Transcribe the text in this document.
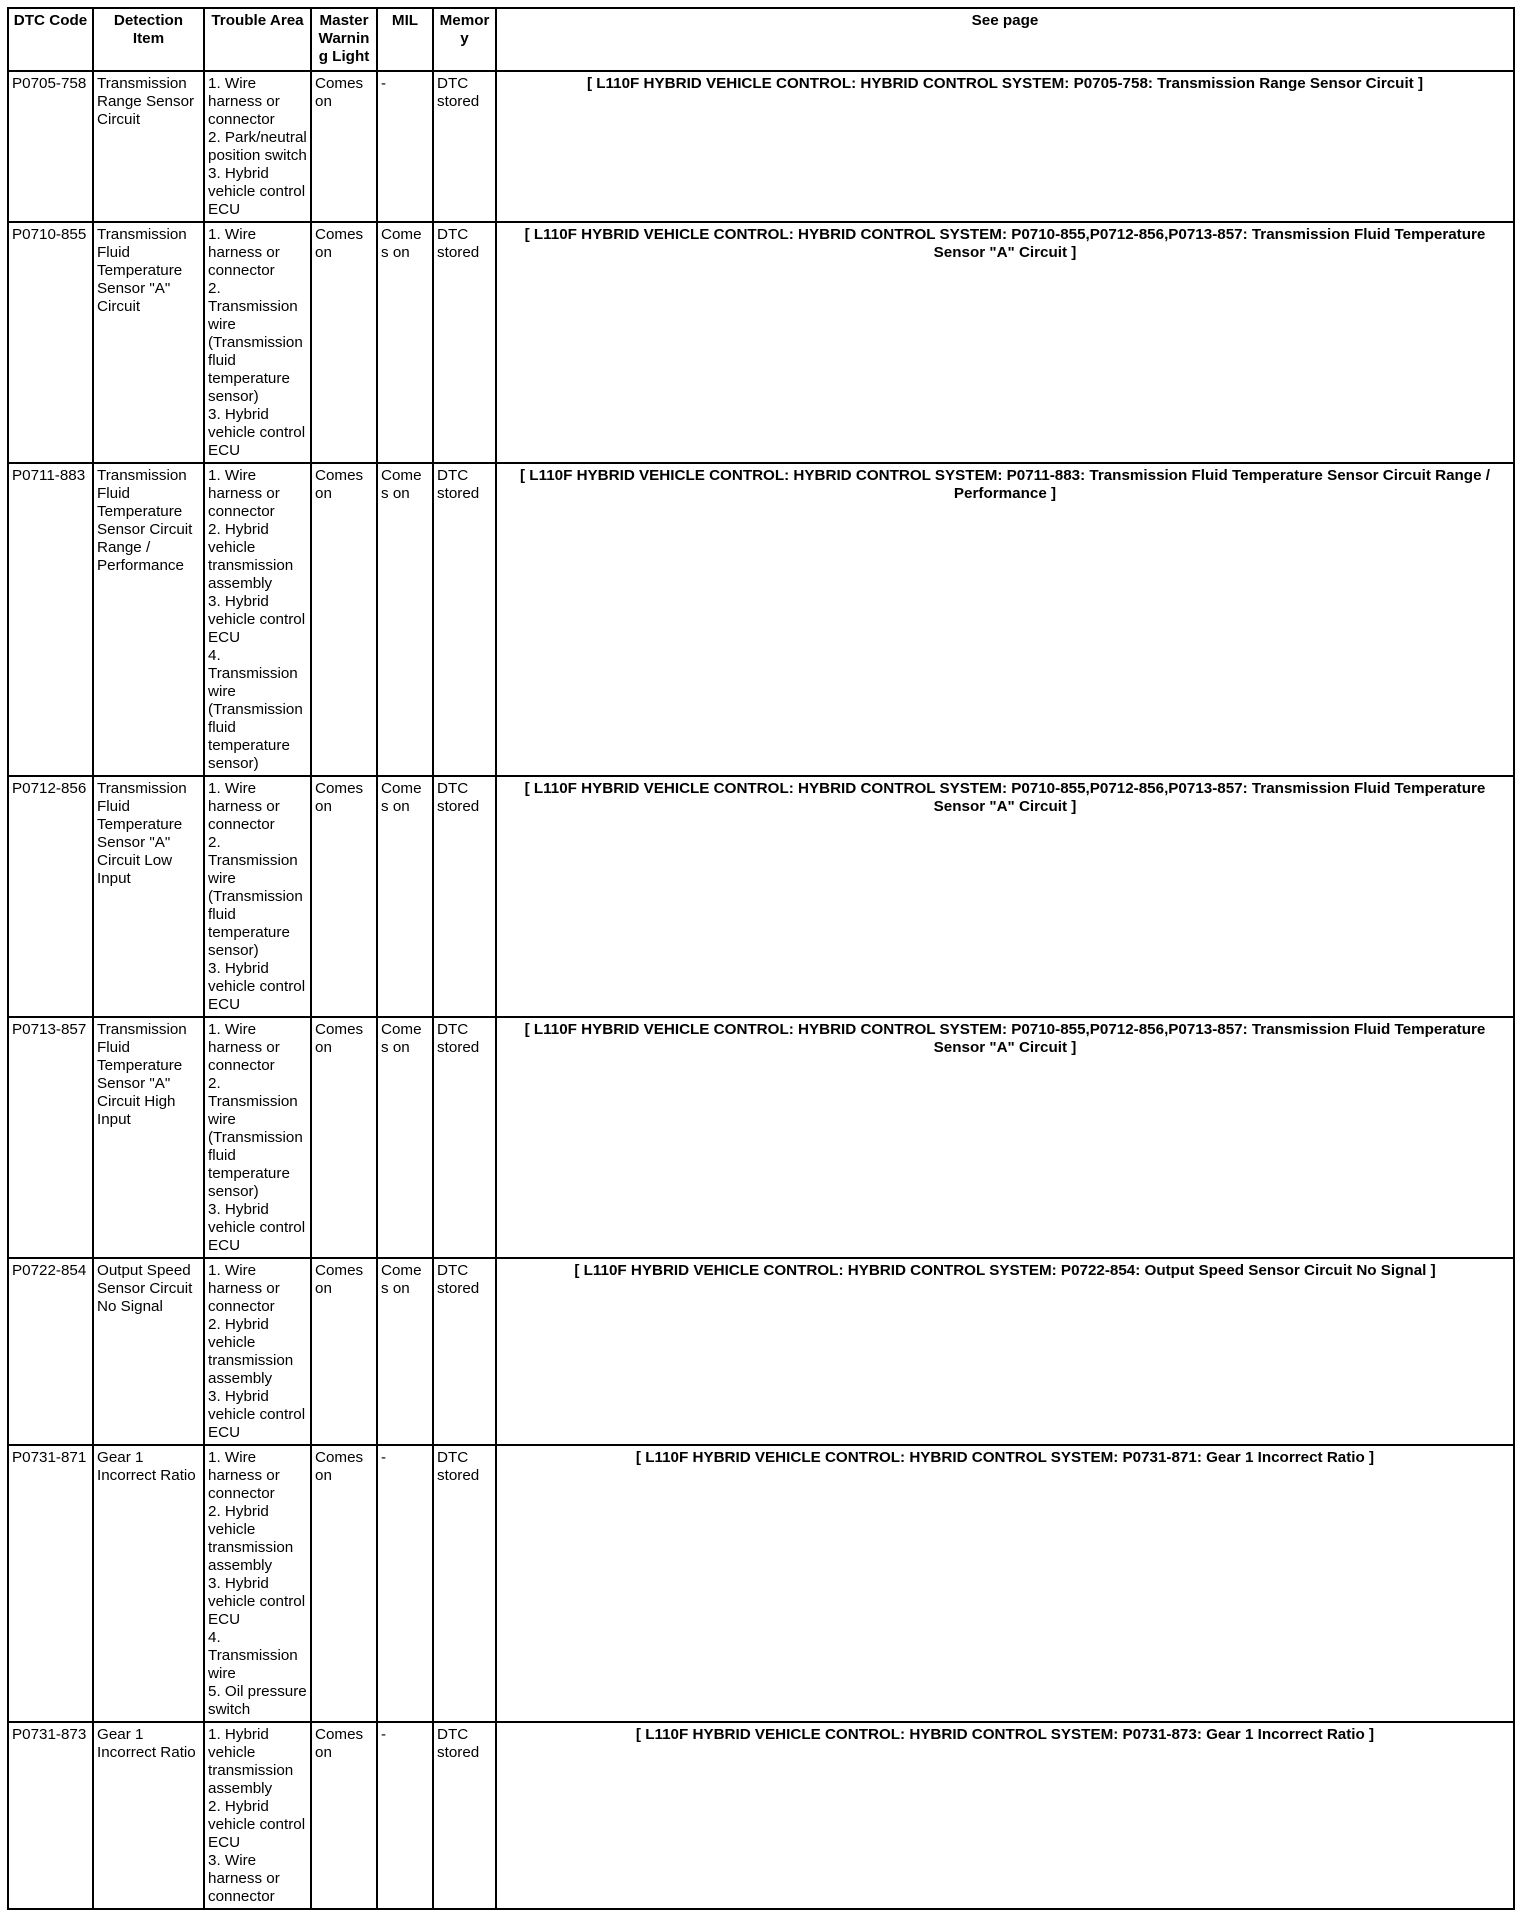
DTC Code	Detection Item	Trouble Area	Master Warning Light	MIL	Memory	See page
P0705-758	Transmission Range Sensor Circuit	1. Wire harness or connector
2. Park/neutral position switch
3. Hybrid vehicle control ECU	Comes on	-	DTC stored	[ L110F HYBRID VEHICLE CONTROL: HYBRID CONTROL SYSTEM: P0705-758: Transmission Range Sensor Circuit ]
P0710-855	Transmission Fluid Temperature Sensor "A" Circuit	1. Wire harness or connector
2. Transmission wire (Transmission fluid temperature sensor)
3. Hybrid vehicle control ECU	Comes on	Comes on	DTC stored	[ L110F HYBRID VEHICLE CONTROL: HYBRID CONTROL SYSTEM: P0710-855,P0712-856,P0713-857: Transmission Fluid Temperature Sensor "A" Circuit ]
P0711-883	Transmission Fluid Temperature Sensor Circuit Range / Performance	1. Wire harness or connector
2. Hybrid vehicle transmission assembly
3. Hybrid vehicle control ECU
4. Transmission wire (Transmission fluid temperature sensor)	Comes on	Comes on	DTC stored	[ L110F HYBRID VEHICLE CONTROL: HYBRID CONTROL SYSTEM: P0711-883: Transmission Fluid Temperature Sensor Circuit Range / Performance ]
P0712-856	Transmission Fluid Temperature Sensor "A" Circuit Low Input	1. Wire harness or connector
2. Transmission wire (Transmission fluid temperature sensor)
3. Hybrid vehicle control ECU	Comes on	Comes on	DTC stored	[ L110F HYBRID VEHICLE CONTROL: HYBRID CONTROL SYSTEM: P0710-855,P0712-856,P0713-857: Transmission Fluid Temperature Sensor "A" Circuit ]
P0713-857	Transmission Fluid Temperature Sensor "A" Circuit High Input	1. Wire harness or connector
2. Transmission wire (Transmission fluid temperature sensor)
3. Hybrid vehicle control ECU	Comes on	Comes on	DTC stored	[ L110F HYBRID VEHICLE CONTROL: HYBRID CONTROL SYSTEM: P0710-855,P0712-856,P0713-857: Transmission Fluid Temperature Sensor "A" Circuit ]
P0722-854	Output Speed Sensor Circuit No Signal	1. Wire harness or connector
2. Hybrid vehicle transmission assembly
3. Hybrid vehicle control ECU	Comes on	Comes on	DTC stored	[ L110F HYBRID VEHICLE CONTROL: HYBRID CONTROL SYSTEM: P0722-854: Output Speed Sensor Circuit No Signal ]
P0731-871	Gear 1 Incorrect Ratio	1. Wire harness or connector
2. Hybrid vehicle transmission assembly
3. Hybrid vehicle control ECU
4. Transmission wire
5. Oil pressure switch	Comes on	-	DTC stored	[ L110F HYBRID VEHICLE CONTROL: HYBRID CONTROL SYSTEM: P0731-871: Gear 1 Incorrect Ratio ]
P0731-873	Gear 1 Incorrect Ratio	1. Hybrid vehicle transmission assembly
2. Hybrid vehicle control ECU
3. Wire harness or connector	Comes on	-	DTC stored	[ L110F HYBRID VEHICLE CONTROL: HYBRID CONTROL SYSTEM: P0731-873: Gear 1 Incorrect Ratio ]
